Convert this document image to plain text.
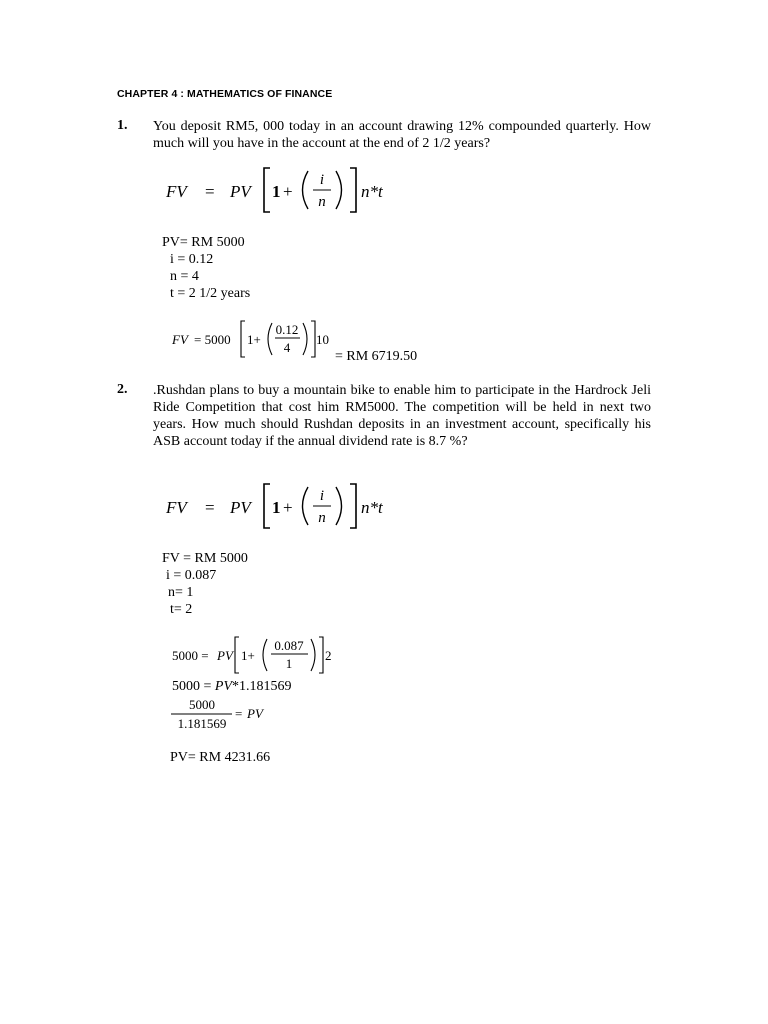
CHAPTER 4 : MATHEMATICS OF FINANCE
1. You deposit RM5, 000 today in an account drawing 12% compounded quarterly. How much will you have in the account at the end of 2 1/2 years?
FV = PV 1 +
i
n
n*t
PV= RM 5000
i = 0.12
n = 4
t = 2 1/2 years
FV = 5000 1+
0.12
4
10
= RM 6719.50
2. .Rushdan plans to buy a mountain bike to enable him to participate in the Hardrock Jeli Ride Competition that cost him RM5000. The competition will be held in next two years. How much should Rushdan deposits in an investment account, specifically his ASB account today if the annual dividend rate is 8.7 %?
FV = PV 1 +
i
n
n*t
FV = RM 5000
i = 0.087
n= 1
t= 2
5000 = PV 1+
0.087
1
2
5000 = PV*1.181569
5000
1.181569
= PV
PV= RM 4231.66
